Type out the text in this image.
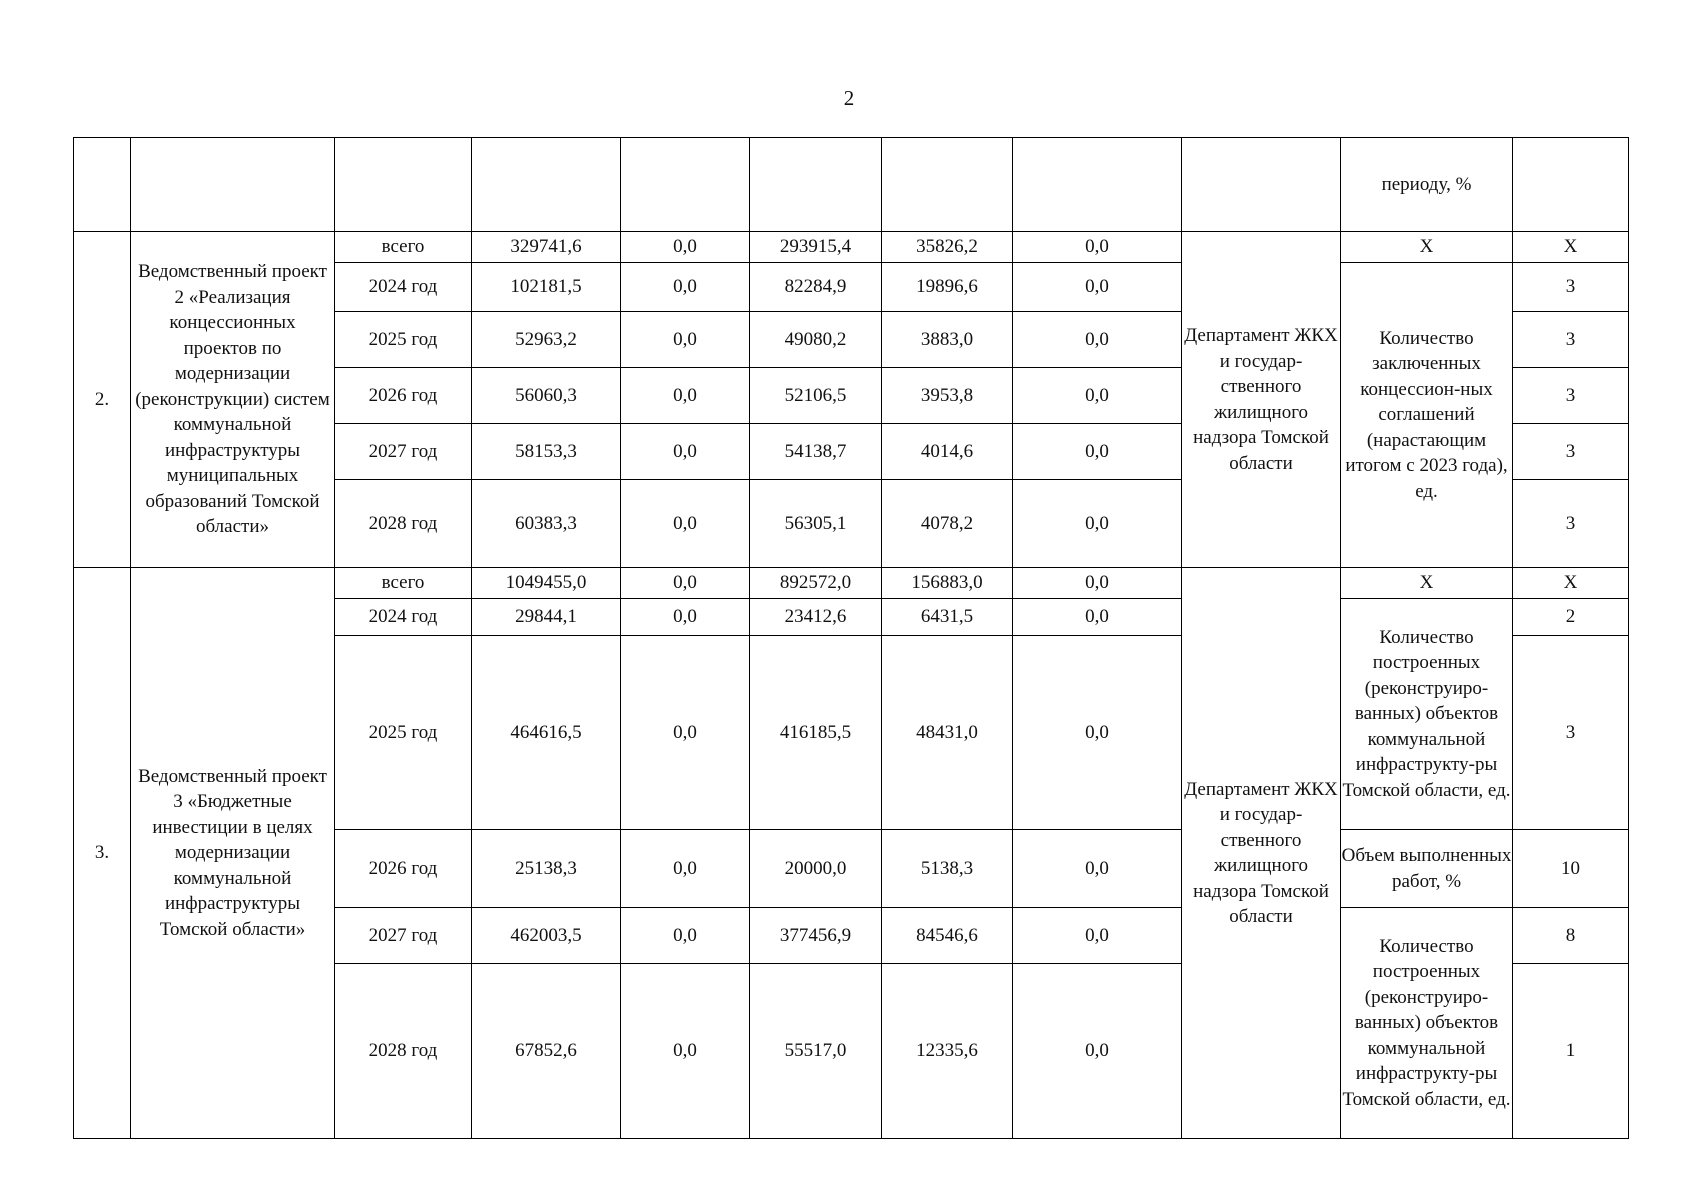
2
									периоду, %	
2.	Ведомственный проект 2 «Реализация концессионных проектов по модернизации (реконструкции) систем коммунальной инфраструктуры муниципальных образований Томской области»	всего	329741,6	0,0	293915,4	35826,2	0,0	Департамент ЖКХ и государ-ственного жилищного надзора Томской области	X	X
		2024 год	102181,5	0,0	82284,9	19896,6	0,0		Количество заключенных концессион-ных соглашений (нарастающим итогом с 2023 года), ед.	3
		2025 год	52963,2	0,0	49080,2	3883,0	0,0			3
		2026 год	56060,3	0,0	52106,5	3953,8	0,0			3
		2027 год	58153,3	0,0	54138,7	4014,6	0,0			3
		2028 год	60383,3	0,0	56305,1	4078,2	0,0			3
3.	Ведомственный проект 3 «Бюджетные инвестиции в целях модернизации коммунальной инфраструктуры Томской области»	всего	1049455,0	0,0	892572,0	156883,0	0,0	Департамент ЖКХ и государ-ственного жилищного надзора Томской области	X	X
		2024 год	29844,1	0,0	23412,6	6431,5	0,0		Количество построенных (реконструиро-ванных) объектов коммунальной инфраструкту-ры Томской области, ед.	2
		2025 год	464616,5	0,0	416185,5	48431,0	0,0			3
		2026 год	25138,3	0,0	20000,0	5138,3	0,0		Объем выполненных работ, %	10
		2027 год	462003,5	0,0	377456,9	84546,6	0,0		Количество построенных (реконструиро-ванных) объектов коммунальной инфраструкту-ры Томской области, ед.	8
		2028 год	67852,6	0,0	55517,0	12335,6	0,0			1
